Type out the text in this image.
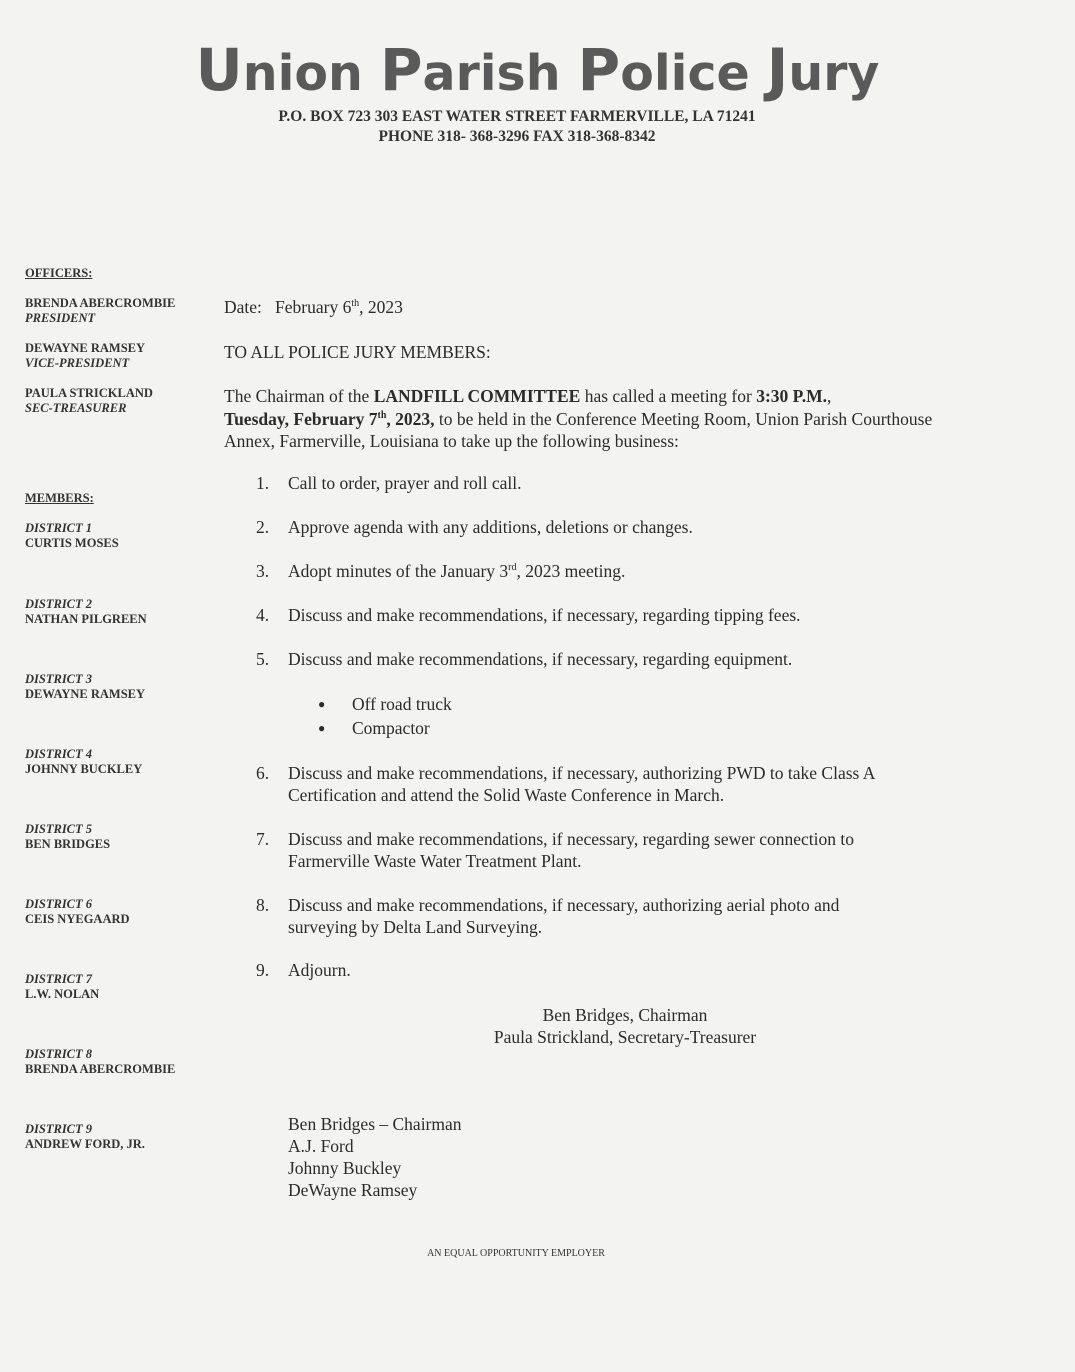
Union Parish Police Jury
P.O. BOX 723 303 EAST WATER STREET FARMERVILLE, LA 71241
PHONE 318- 368-3296 FAX 318-368-8342
OFFICERS:
BRENDA ABERCROMBIE
PRESIDENT
DEWAYNE RAMSEY
VICE-PRESIDENT
PAULA STRICKLAND
SEC-TREASURER
MEMBERS:
DISTRICT 1
CURTIS MOSES
DISTRICT 2
NATHAN PILGREEN
DISTRICT 3
DEWAYNE RAMSEY
DISTRICT 4
JOHNNY BUCKLEY
DISTRICT 5
BEN BRIDGES
DISTRICT 6
CEIS NYEGAARD
DISTRICT 7
L.W. NOLAN
DISTRICT 8
BRENDA ABERCROMBIE
DISTRICT 9
ANDREW FORD, JR.
Date: February 6th, 2023
TO ALL POLICE JURY MEMBERS:
The Chairman of the LANDFILL COMMITTEE has called a meeting for 3:30 P.M.,
Tuesday, February 7th, 2023, to be held in the Conference Meeting Room, Union Parish Courthouse Annex, Farmerville, Louisiana to take up the following business:
1. Call to order, prayer and roll call.
2. Approve agenda with any additions, deletions or changes.
3. Adopt minutes of the January 3rd, 2023 meeting.
4. Discuss and make recommendations, if necessary, regarding tipping fees.
5. Discuss and make recommendations, if necessary, regarding equipment.
● Off road truck
● Compactor
6. Discuss and make recommendations, if necessary, authorizing PWD to take Class A
Certification and attend the Solid Waste Conference in March.
7. Discuss and make recommendations, if necessary, regarding sewer connection to
Farmerville Waste Water Treatment Plant.
8. Discuss and make recommendations, if necessary, authorizing aerial photo and
surveying by Delta Land Surveying.
9. Adjourn.
Ben Bridges, Chairman
Paula Strickland, Secretary-Treasurer
Ben Bridges – Chairman
A.J. Ford
Johnny Buckley
DeWayne Ramsey
AN EQUAL OPPORTUNITY EMPLOYER
